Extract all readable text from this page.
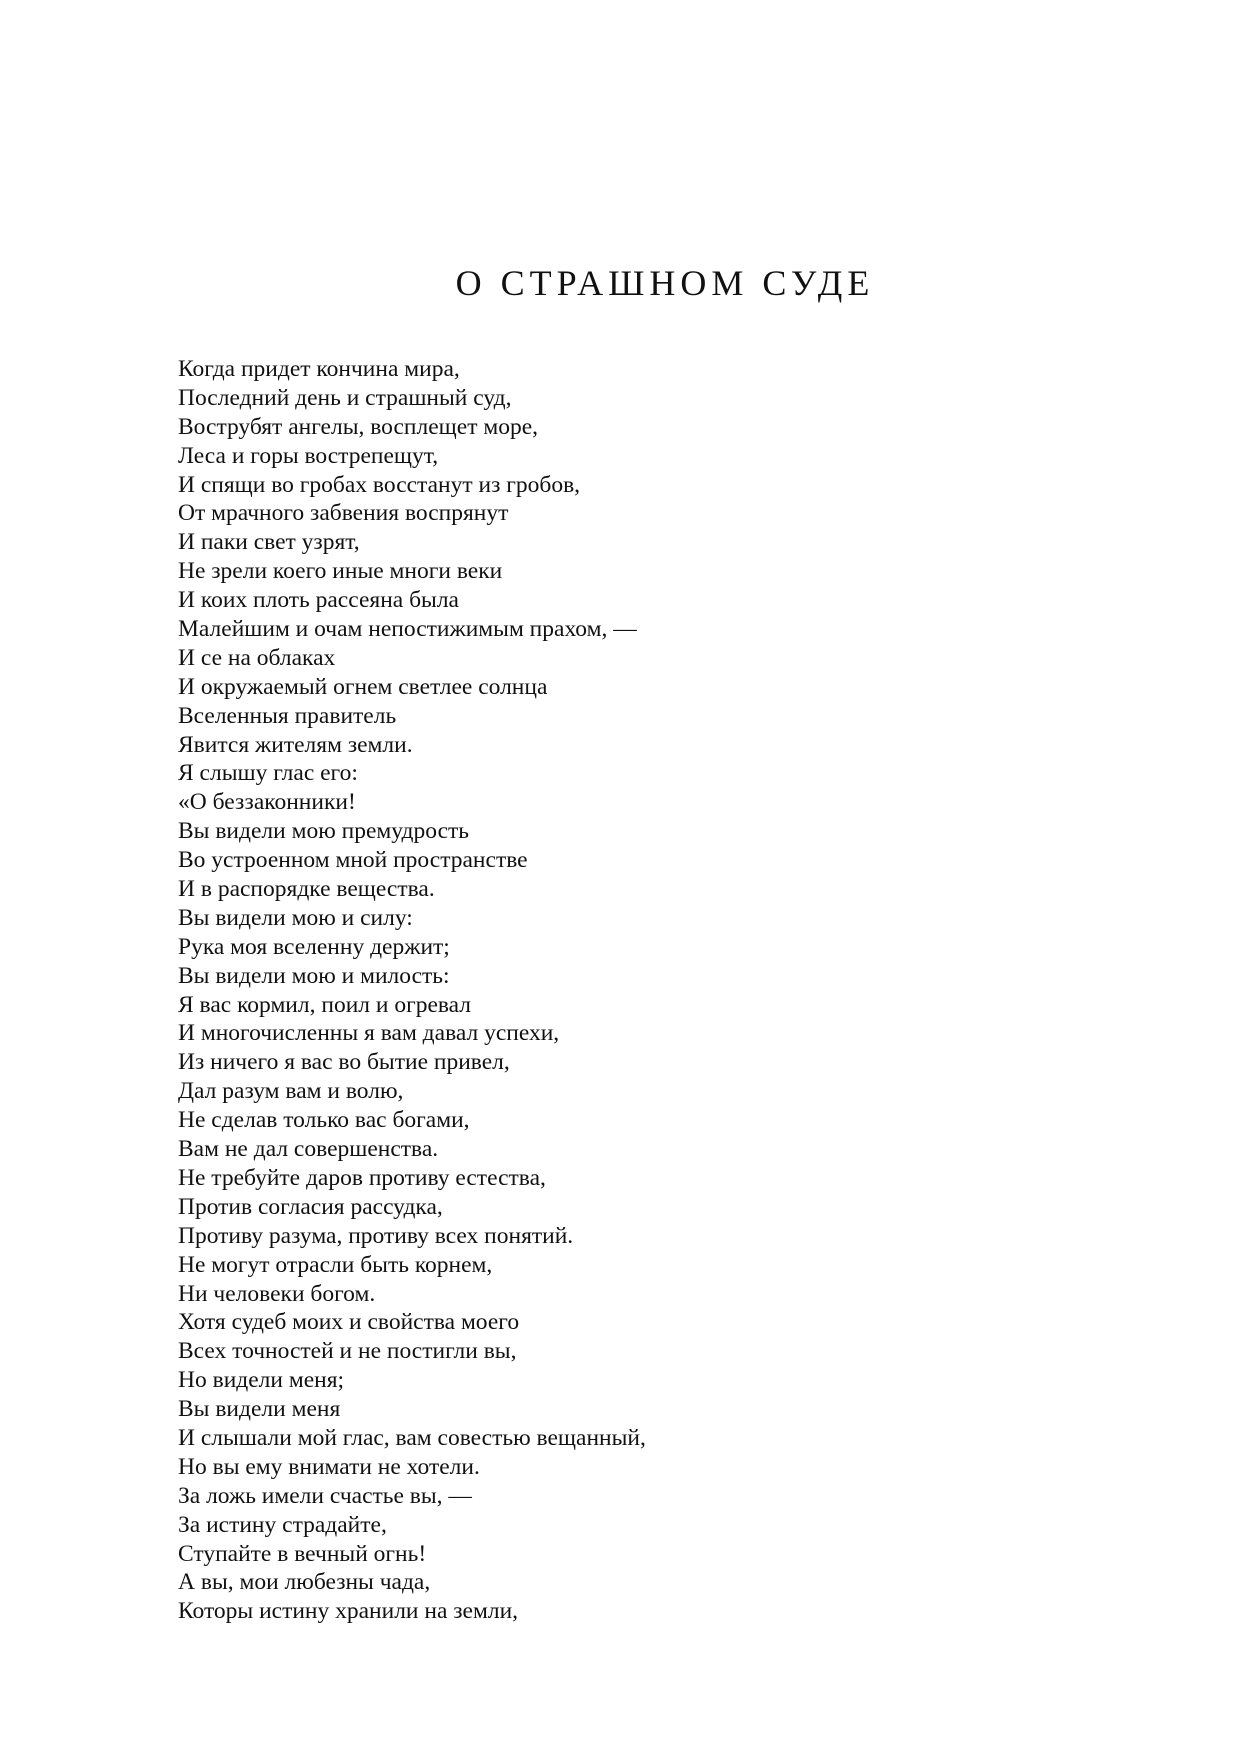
О СТРАШНОМ СУДЕ
Когда придет кончина мира,
Последний день и страшный суд,
Вострубят ангелы, восплещет море,
Леса и горы вострепещут,
И спящи во гробах восстанут из гробов,
От мрачного забвения воспрянут
И паки свет узрят,
Не зрели коего иные многи веки
И коих плоть рассеяна была
Малейшим и очам непостижимым прахом, —
И се на облаках
И окружаемый огнем светлее солнца
Вселенныя правитель
Явится жителям земли.
Я слышу глас его:
«О беззаконники!
Вы видели мою премудрость
Во устроенном мной пространстве
И в распорядке вещества.
Вы видели мою и силу:
Рука моя вселенну держит;
Вы видели мою и милость:
Я вас кормил, поил и огревал
И многочисленны я вам давал успехи,
Из ничего я вас во бытие привел,
Дал разум вам и волю,
Не сделав только вас богами,
Вам не дал совершенства.
Не требуйте даров противу естества,
Против согласия рассудка,
Противу разума, противу всех понятий.
Не могут отрасли быть корнем,
Ни человеки богом.
Хотя судеб моих и свойства моего
Всех точностей и не постигли вы,
Но видели меня;
Вы видели меня
И слышали мой глас, вам совестью вещанный,
Но вы ему внимати не хотели.
За ложь имели счастье вы, —
За истину страдайте,
Ступайте в вечный огнь!
А вы, мои любезны чада,
Которы истину хранили на земли,
